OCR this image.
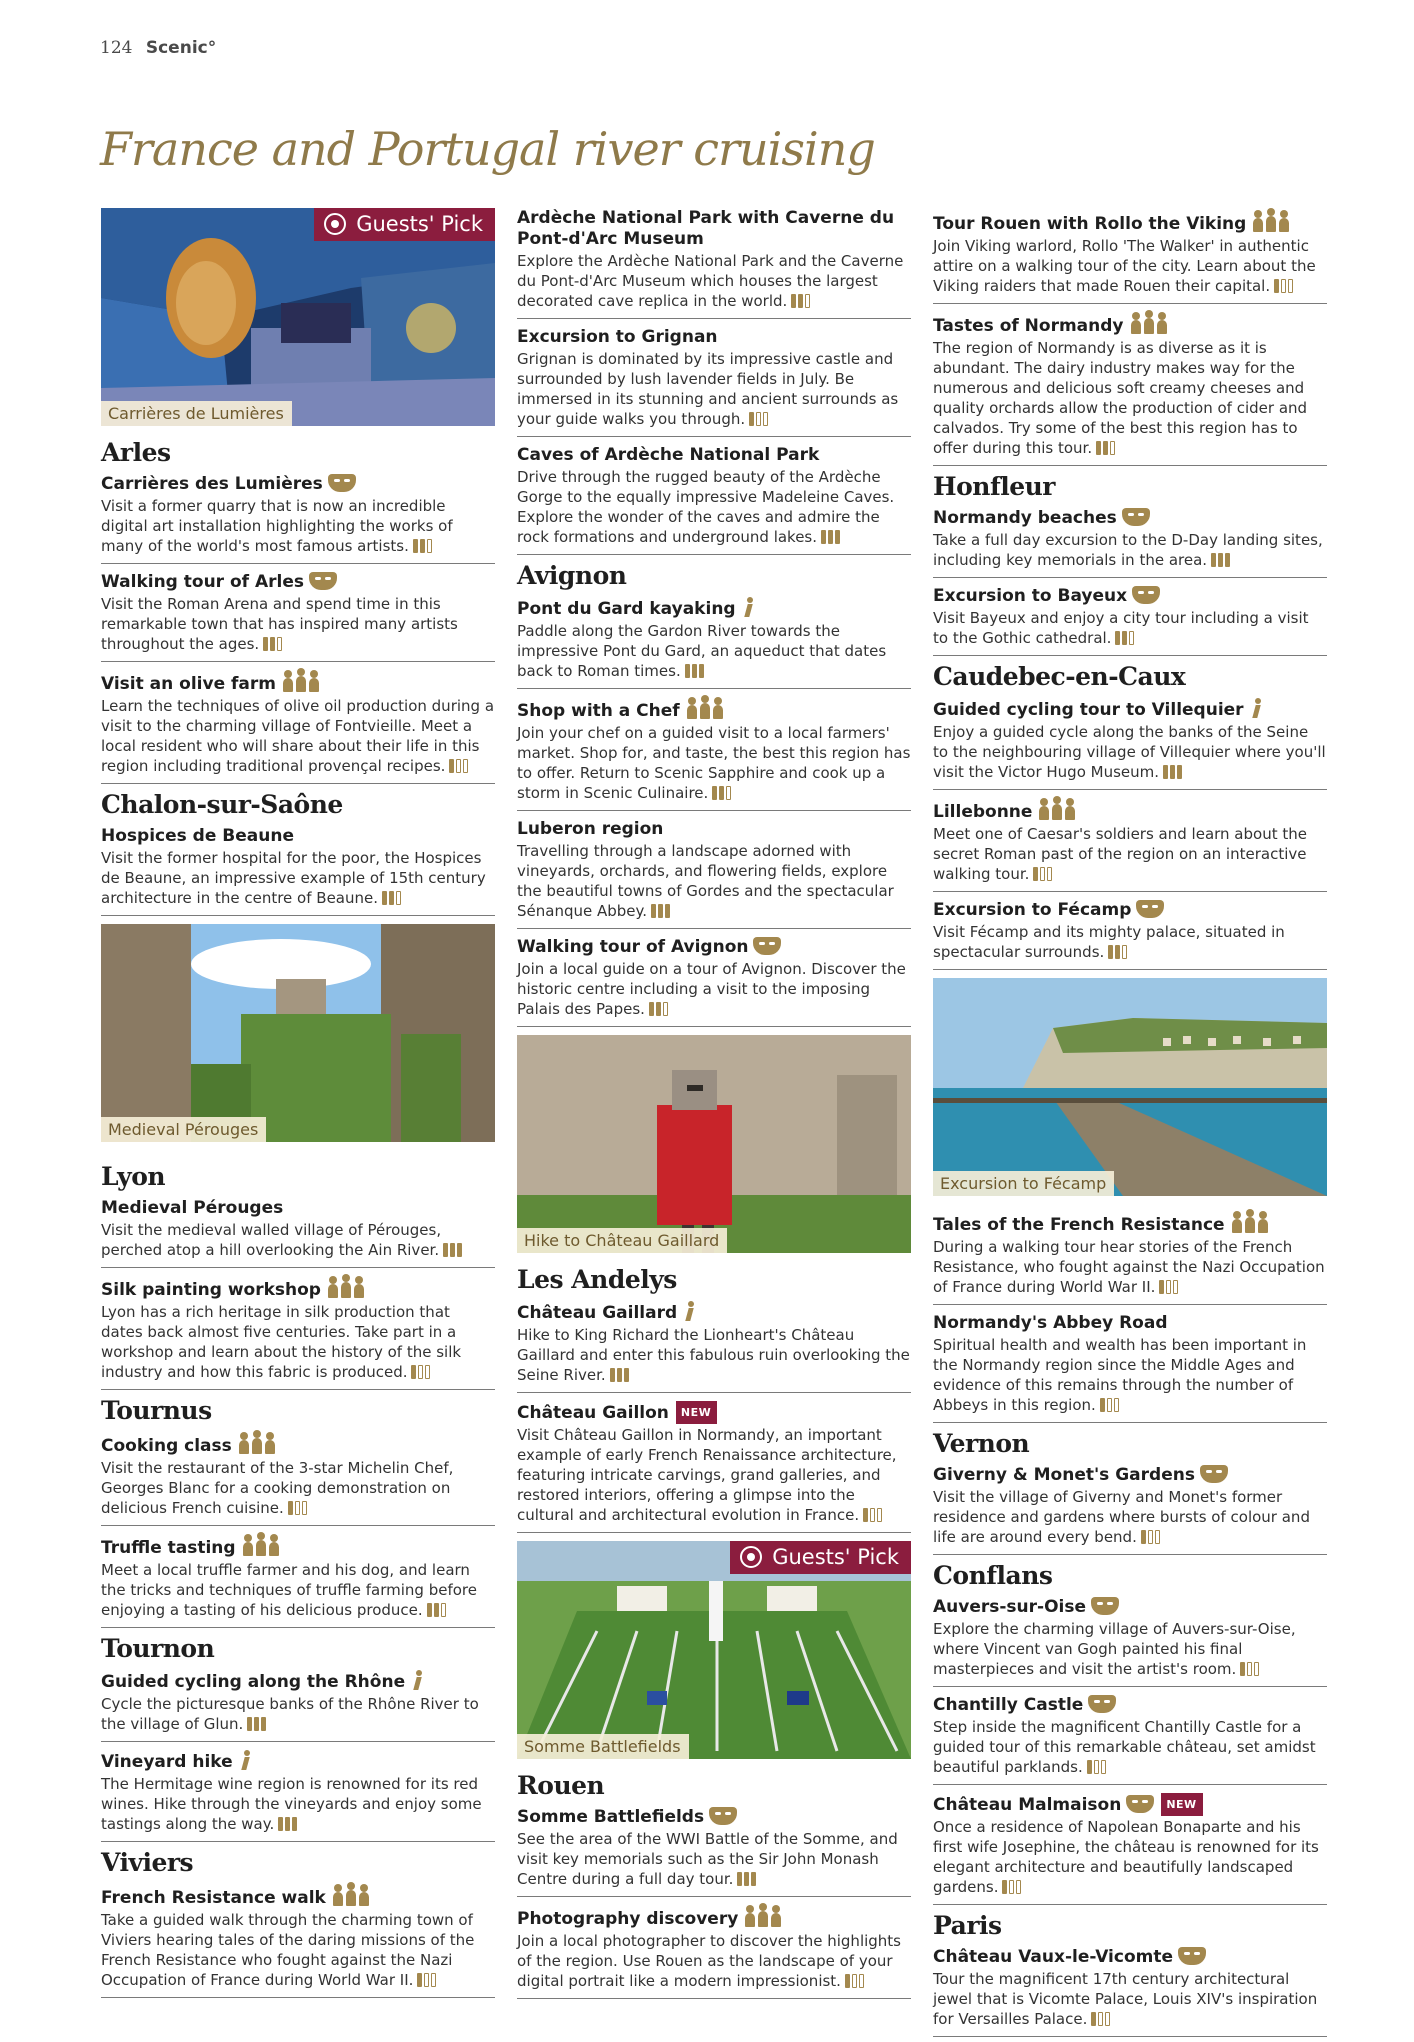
124 Scenic°
France and Portugal river cruising
Guests' Pick
Carrières de Lumières
Arles
Carrières des Lumières

Visit a former quarry that is now an incredible digital art installation highlighting the works of many of the world's most famous artists.

Walking tour of Arles

Visit the Roman Arena and spend time in this remarkable town that has inspired many artists throughout the ages.

Visit an olive farm

Learn the techniques of olive oil production during a visit to the charming village of Fontvieille. Meet a local resident who will share about their life in this region including traditional provençal recipes.

Chalon-sur-Saône
Hospices de Beaune

Visit the former hospital for the poor, the Hospices de Beaune, an impressive example of 15th century architecture in the centre of Beaune.

Medieval Pérouges
Lyon
Medieval Pérouges

Visit the medieval walled village of Pérouges, perched atop a hill overlooking the Ain River.

Silk painting workshop

Lyon has a rich heritage in silk production that dates back almost five centuries. Take part in a workshop and learn about the history of the silk industry and how this fabric is produced.

Tournus
Cooking class

Visit the restaurant of the 3-star Michelin Chef, Georges Blanc for a cooking demonstration on delicious French cuisine.

Truffle tasting

Meet a local truffle farmer and his dog, and learn the tricks and techniques of truffle farming before enjoying a tasting of his delicious produce.

Tournon
Guided cycling along the Rhône

Cycle the picturesque banks of the Rhône River to the village of Glun.

Vineyard hike

The Hermitage wine region is renowned for its red wines. Hike through the vineyards and enjoy some tastings along the way.

Viviers
French Resistance walk

Take a guided walk through the charming town of Viviers hearing tales of the daring missions of the French Resistance who fought against the Nazi Occupation of France during World War II.

Ardèche National Park with Caverne du Pont-d'Arc Museum

Explore the Ardèche National Park and the Caverne du Pont-d'Arc Museum which houses the largest decorated cave replica in the world.

Excursion to Grignan

Grignan is dominated by its impressive castle and surrounded by lush lavender fields in July. Be immersed in its stunning and ancient surrounds as your guide walks you through.

Caves of Ardèche National Park

Drive through the rugged beauty of the Ardèche Gorge to the equally impressive Madeleine Caves. Explore the wonder of the caves and admire the rock formations and underground lakes.

Avignon
Pont du Gard kayaking

Paddle along the Gardon River towards the impressive Pont du Gard, an aqueduct that dates back to Roman times.

Shop with a Chef

Join your chef on a guided visit to a local farmers' market. Shop for, and taste, the best this region has to offer. Return to Scenic Sapphire and cook up a storm in Scenic Culinaire.

Luberon region

Travelling through a landscape adorned with vineyards, orchards, and flowering fields, explore the beautiful towns of Gordes and the spectacular Sénanque Abbey.

Walking tour of Avignon

Join a local guide on a tour of Avignon. Discover the historic centre including a visit to the imposing Palais des Papes.

Hike to Château Gaillard
Les Andelys
Château Gaillard

Hike to King Richard the Lionheart's Château Gaillard and enter this fabulous ruin overlooking the Seine River.

Château Gaillon NEW

Visit Château Gaillon in Normandy, an important example of early French Renaissance architecture, featuring intricate carvings, grand galleries, and restored interiors, offering a glimpse into the cultural and architectural evolution in France.

Guests' Pick
Somme Battlefields
Rouen
Somme Battlefields

See the area of the WWI Battle of the Somme, and visit key memorials such as the Sir John Monash Centre during a full day tour.

Photography discovery

Join a local photographer to discover the highlights of the region. Use Rouen as the landscape of your digital portrait like a modern impressionist.

Tour Rouen with Rollo the Viking

Join Viking warlord, Rollo 'The Walker' in authentic attire on a walking tour of the city. Learn about the Viking raiders that made Rouen their capital.

Tastes of Normandy

The region of Normandy is as diverse as it is abundant. The dairy industry makes way for the numerous and delicious soft creamy cheeses and quality orchards allow the production of cider and calvados. Try some of the best this region has to offer during this tour.

Honfleur
Normandy beaches

Take a full day excursion to the D-Day landing sites, including key memorials in the area.

Excursion to Bayeux

Visit Bayeux and enjoy a city tour including a visit to the Gothic cathedral.

Caudebec-en-Caux
Guided cycling tour to Villequier

Enjoy a guided cycle along the banks of the Seine to the neighbouring village of Villequier where you'll visit the Victor Hugo Museum.

Lillebonne

Meet one of Caesar's soldiers and learn about the secret Roman past of the region on an interactive walking tour.

Excursion to Fécamp

Visit Fécamp and its mighty palace, situated in spectacular surrounds.

Excursion to Fécamp
Tales of the French Resistance

During a walking tour hear stories of the French Resistance, who fought against the Nazi Occupation of France during World War II.

Normandy's Abbey Road

Spiritual health and wealth has been important in the Normandy region since the Middle Ages and evidence of this remains through the number of Abbeys in this region.

Vernon
Giverny & Monet's Gardens

Visit the village of Giverny and Monet's former residence and gardens where bursts of colour and life are around every bend.

Conflans
Auvers-sur-Oise

Explore the charming village of Auvers-sur-Oise, where Vincent van Gogh painted his final masterpieces and visit the artist's room.

Chantilly Castle

Step inside the magnificent Chantilly Castle for a guided tour of this remarkable château, set amidst beautiful parklands.

Château Malmaison	NEW

Once a residence of Napolean Bonaparte and his first wife Josephine, the château is renowned for its elegant architecture and beautifully landscaped gardens.

Paris
Château Vaux-le-Vicomte

Tour the magnificent 17th century architectural jewel that is Vicomte Palace, Louis XIV's inspiration for Versailles Palace.
